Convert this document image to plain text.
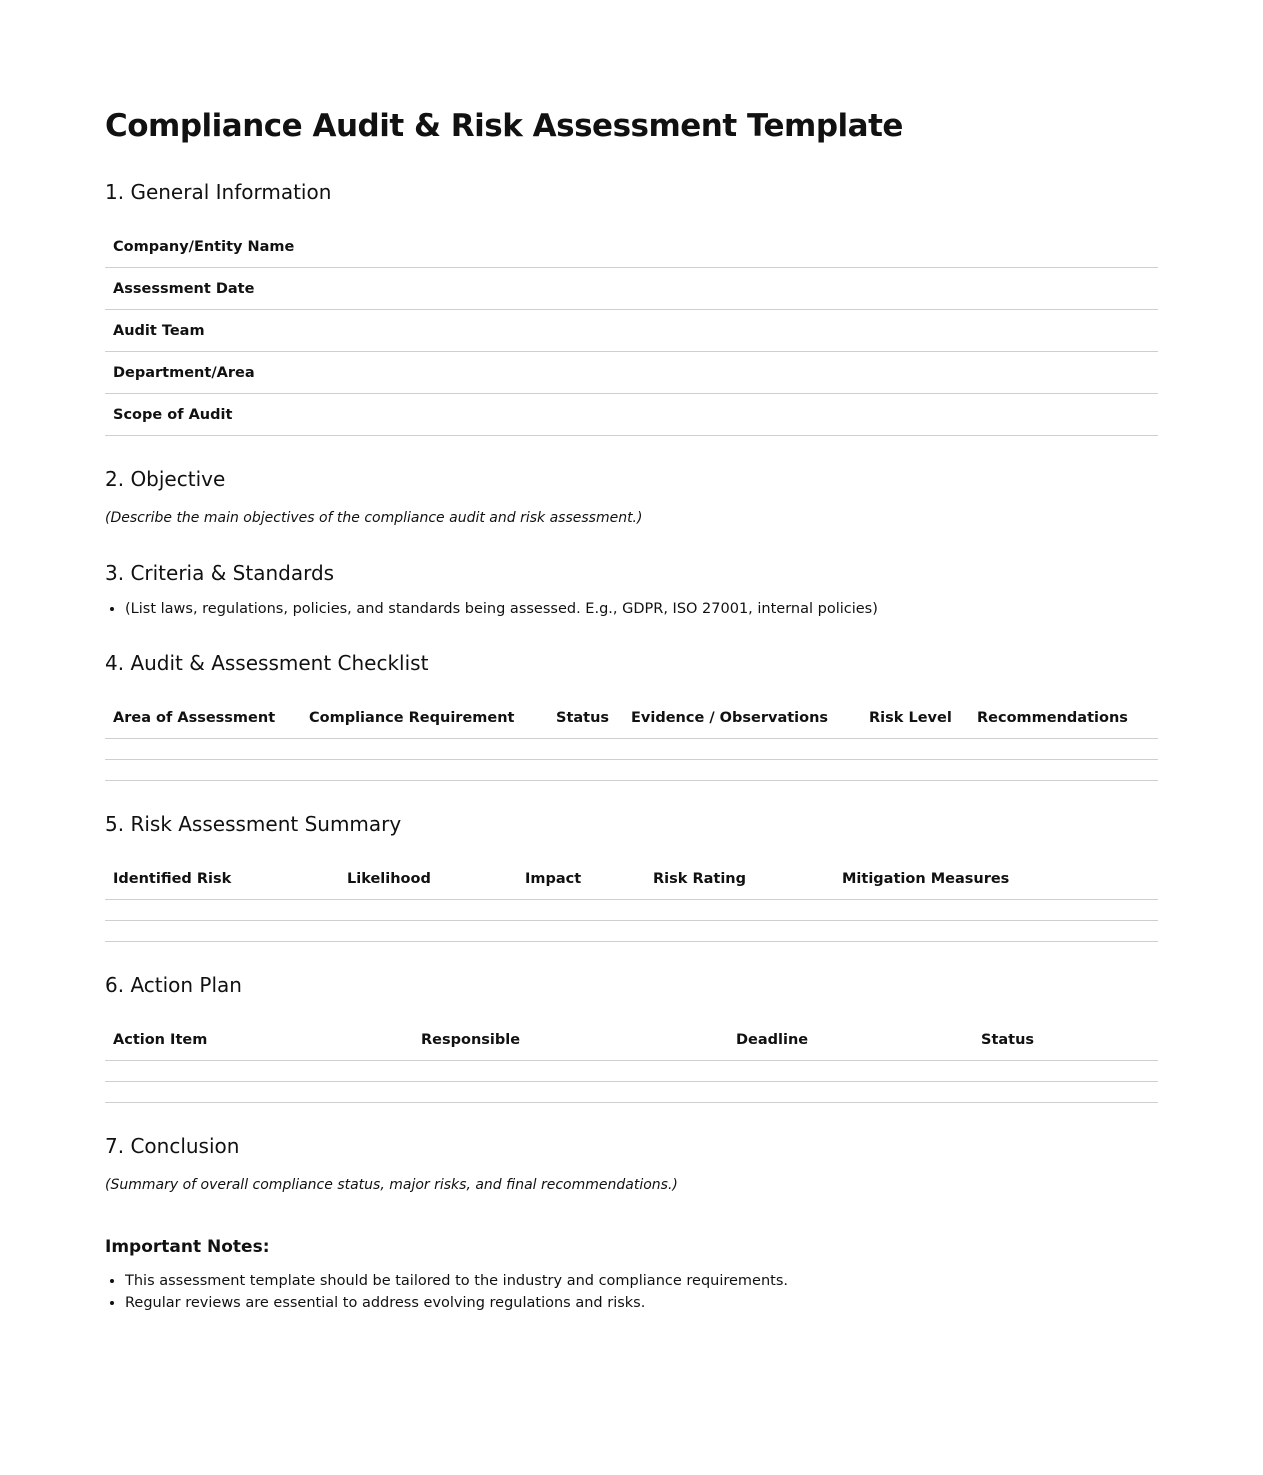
Compliance Audit & Risk Assessment Template
1. General Information
Company/Entity Name
Assessment Date
Audit Team
Department/Area
Scope of Audit
2. Objective

(Describe the main objectives of the compliance audit and risk assessment.)

3. Criteria & Standards
• (List laws, regulations, policies, and standards being assessed. E.g., GDPR, ISO 27001, internal policies)
4. Audit & Assessment Checklist
Area of Assessment	Compliance Requirement	Status	Evidence / Observations	Risk Level	Recommendations

5. Risk Assessment Summary
Identified Risk	Likelihood	Impact	Risk Rating	Mitigation Measures

6. Action Plan
Action Item	Responsible	Deadline	Status

7. Conclusion

(Summary of overall compliance status, major risks, and final recommendations.)

Important Notes:
• This assessment template should be tailored to the industry and compliance requirements.
• Regular reviews are essential to address evolving regulations and risks.
